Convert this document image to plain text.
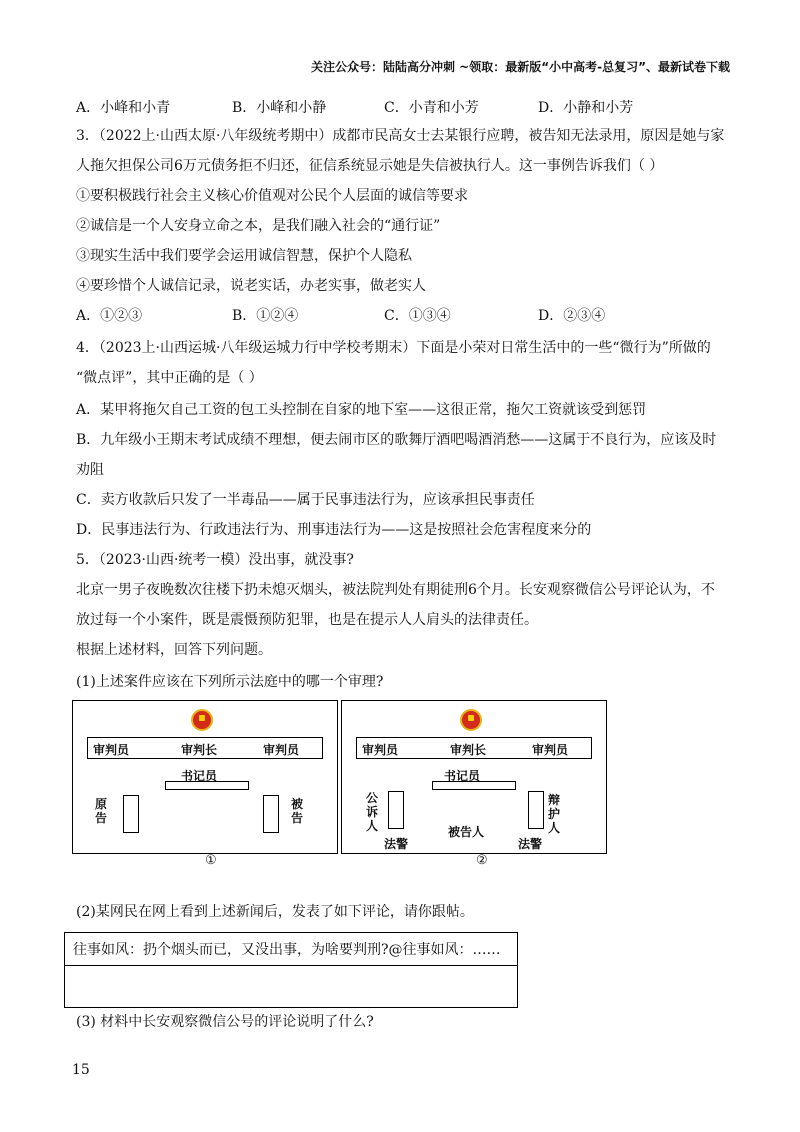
关注公众号：陆陆高分冲刺 ~领取：最新版“小中高考-总复习”、最新试卷下载
A．小峰和小青	B．小峰和小静	C．小青和小芳	D．小静和小芳
3．（2022上·山西太原·八年级统考期中）成都市民高女士去某银行应聘，被告知无法录用，原因是她与家
人拖欠担保公司6万元债务拒不归还，征信系统显示她是失信被执行人。这一事例告诉我们（ ）
①要积极践行社会主义核心价值观对公民个人层面的诚信等要求
②诚信是一个人安身立命之本，是我们融入社会的“通行证”
③现实生活中我们要学会运用诚信智慧，保护个人隐私
④要珍惜个人诚信记录，说老实话，办老实事，做老实人
A．①②③	B．①②④	C．①③④	D．②③④
4．（2023上·山西运城·八年级运城力行中学校考期末）下面是小荣对日常生活中的一些“微行为”所做的
“微点评”，其中正确的是（ ）
A．某甲将拖欠自己工资的包工头控制在自家的地下室——这很正常，拖欠工资就该受到惩罚
B．九年级小王期末考试成绩不理想，便去闹市区的歌舞厅酒吧喝酒消愁——这属于不良行为，应该及时
劝阻
C．卖方收款后只发了一半毒品——属于民事违法行为，应该承担民事责任
D．民事违法行为、行政违法行为、刑事违法行为——这是按照社会危害程度来分的
5．（2023·山西·统考一模）没出事，就没事?
北京一男子夜晚数次往楼下扔未熄灭烟头，被法院判处有期徒刑6个月。长安观察微信公号评论认为，不
放过每一个小案件，既是震慑预防犯罪，也是在提示人人肩头的法律责任。
根据上述材料，回答下列问题。
(1)上述案件应该在下列所示法庭中的哪一个审理?
审判员	审判长	审判员
书记员
原告
被告
①
审判员	审判长	审判员
书记员
公诉人
辩护人
被告人
法警	法警
②
(2)某网民在网上看到上述新闻后，发表了如下评论，请你跟帖。
往事如风：扔个烟头而已，又没出事，为啥要判刑?@往事如风：……
(3) 材料中长安观察微信公号的评论说明了什么?
15
